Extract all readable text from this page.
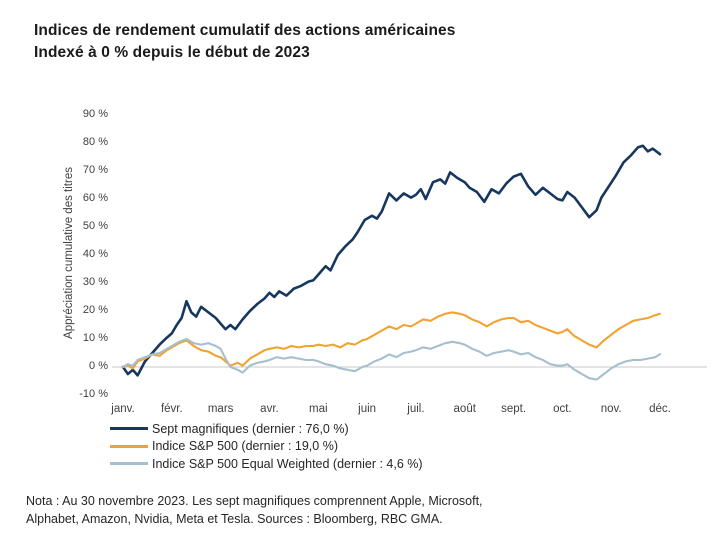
Indices de rendement cumulatif des actions américaines
Indexé à 0 % depuis le début de 2023
Appréciation cumulative des titres
90 %
80 %
70 %
60 %
50 %
40 %
30 %
20 %
10 %
0 %
-10 %
janv.	févr.	mars	avr.	mai	juin	juil.	août	sept.	oct.	nov.	déc.
Sept magnifiques (dernier : 76,0 %)
Indice S&P 500 (dernier : 19,0 %)
Indice S&P 500 Equal Weighted (dernier : 4,6 %)
Nota : Au 30 novembre 2023. Les sept magnifiques comprennent Apple, Microsoft,
Alphabet, Amazon, Nvidia, Meta et Tesla. Sources : Bloomberg, RBC GMA.
